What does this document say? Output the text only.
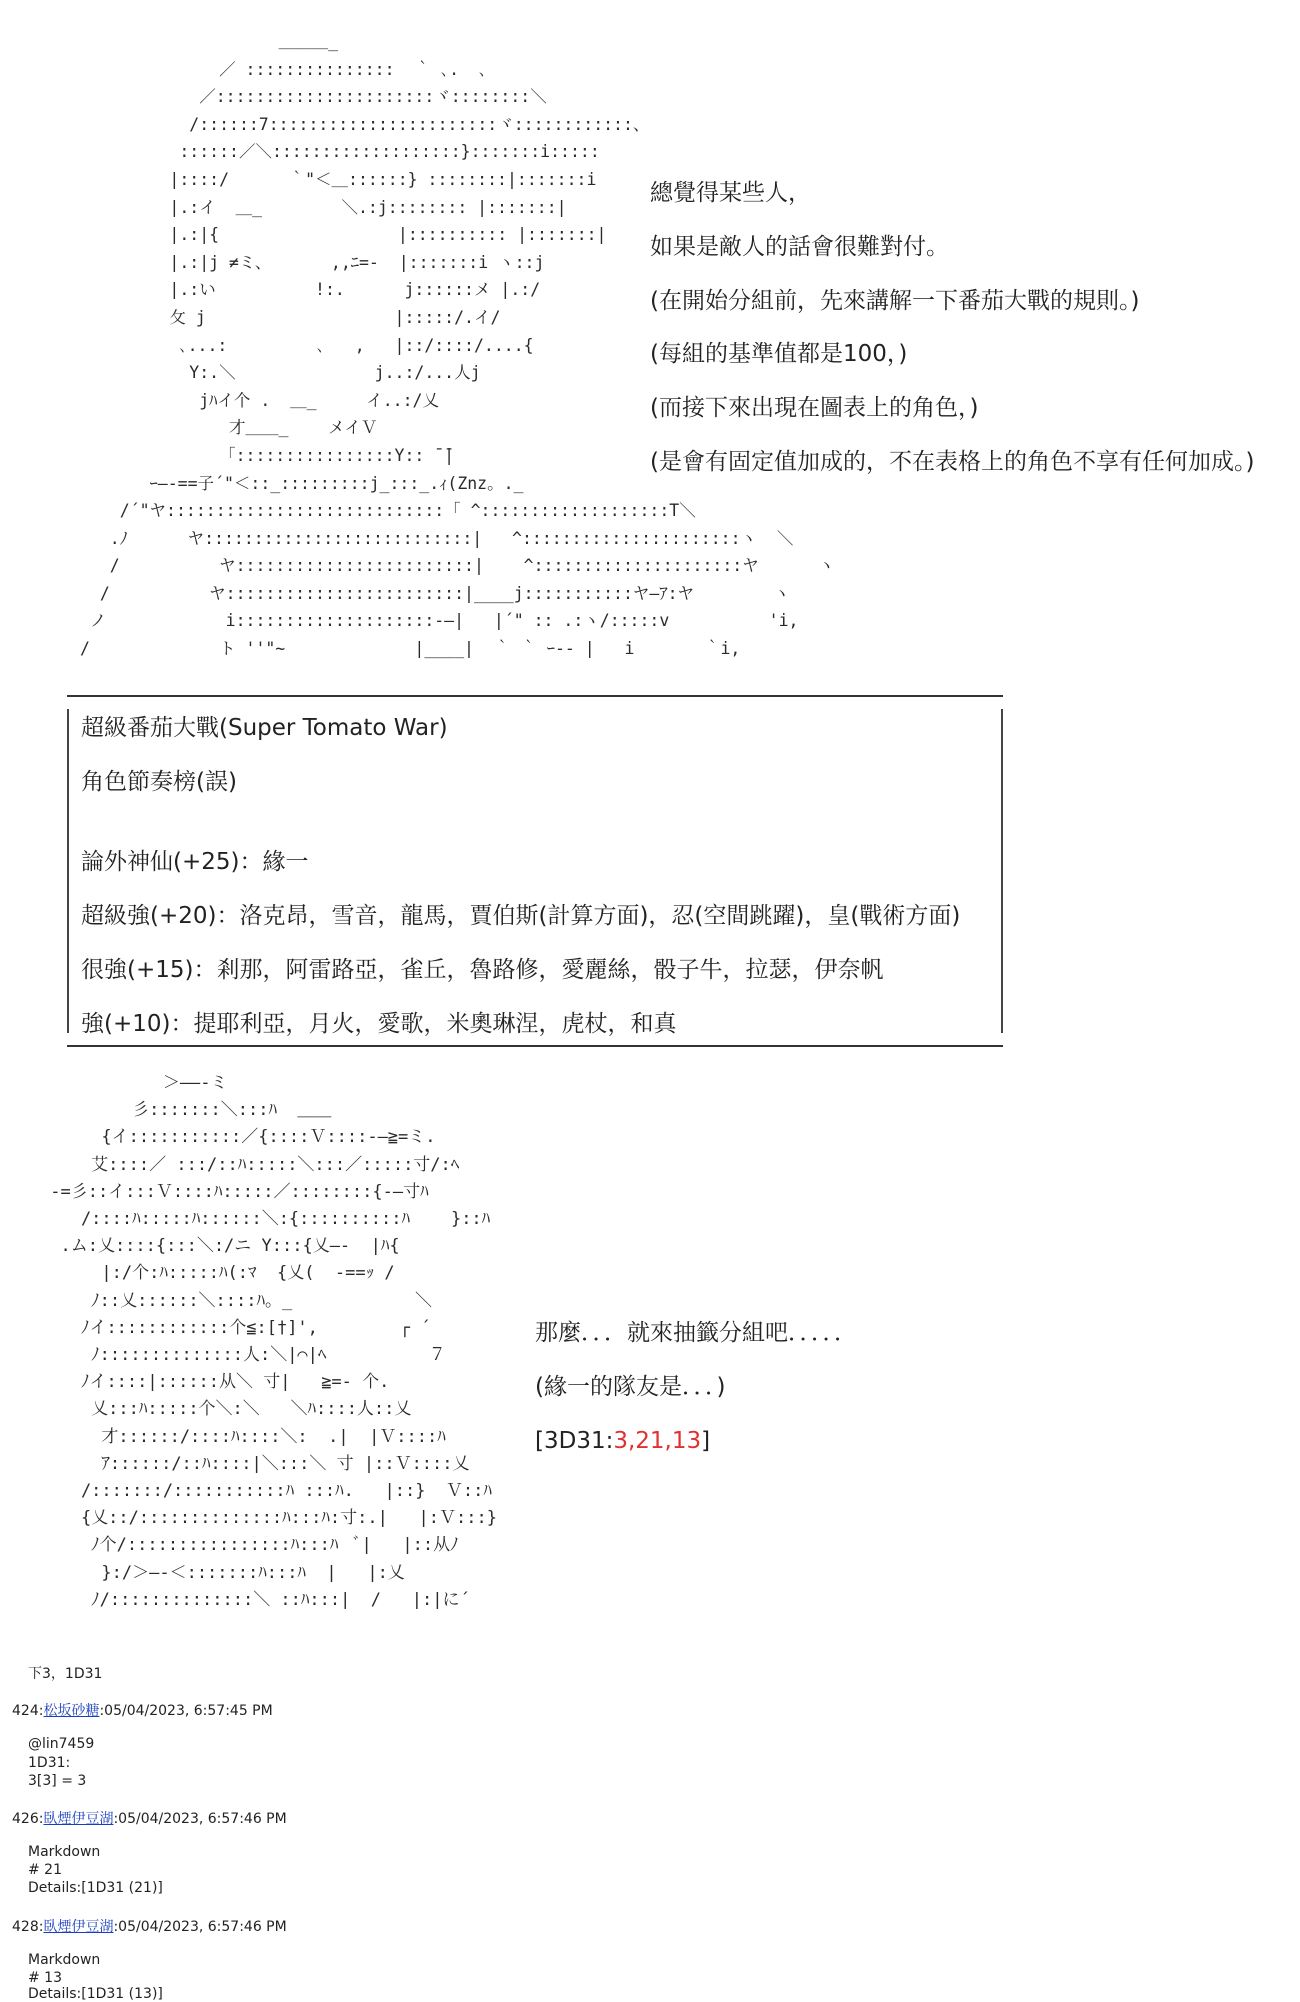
＿＿＿_
／ :::::::::::::::  ｀ ､.  ､
／::::::::::::::::::::::ヾ::::::::＼
/::::::7:::::::::::::::::::::::ヾ::::::::::::、
::::::／＼:::::::::::::::::::}:::::::i:::::
|::::/      ｀"＜＿::::::} ::::::::|:::::::i
|.:イ  ＿_        ＼.:j:::::::: |:::::::|
|.:|{                  |:::::::::: |:::::::|
|.:|j ≠ミ、      ,,ﾆ=-  |:::::::i ヽ::j
|.:い          !:.      j::::::メ |.:/
攵 j                   |:::::/.イ/
､...:         ､   ,   |::/::::/....{
Y:.＼              j..:/...人j
jﾊイ个 .  ＿_     イ..:/乂
才＿＿_    メイＶ
「::::::::::::::::Y:: ̄ ̄|
ｰ―‐==子´"＜::_:::::::::j_:::_.ｨ(Znz。._
/´"ヤ::::::::::::::::::::::::::::「 ^:::::::::::::::::::T＼
.ﾉ      ヤ:::::::::::::::::::::::::::|   ^::::::::::::::::::::::ヽ  ＼
/          ヤ::::::::::::::::::::::::|    ^:::::::::::::::::::::ヤ      ヽ
/          ヤ::::::::::::::::::::::::|____j:::::::::::ヤ―ｱ:ヤ        ヽ
ノ            i::::::::::::::::::::-―|   |´" :: .:ヽ/:::::v          'i,
/             ト ''"~             |____|  ｀ ｀ ｰ-- |   i       ｀i,
總覺得某些人，
如果是敵人的話會很難對付。
(在開始分組前，先來講解一下番茄大戰的規則。)
(每組的基準值都是100，)
(而接下來出現在圖表上的角色，)
(是會有固定值加成的，不在表格上的角色不享有任何加成。)
超級番茄大戰(Super Tomato War)
角色節奏榜(誤)
論外神仙(+25)：緣一
超級強(+20)：洛克昂，雪音，龍馬，賈伯斯(計算方面)，忍(空間跳躍)，皇(戰術方面)
很強(+15)：剎那，阿雷路亞，雀丘，魯路修，愛麗絲，骰子牛，拉瑟，伊奈帆
強(+10)：提耶利亞，月火，愛歌，米奧琳涅，虎杖，和真
＞――-ミ
彡:::::::＼:::ﾊ  ＿＿
{イ:::::::::::／{::::Ｖ::::-―≧=ミ.
艾::::／ :::/::ﾊ:::::＼:::／:::::寸/:ﾍ
-=彡::イ:::Ｖ::::ﾊ:::::／::::::::{-―寸ﾊ
/::::ﾊ:::::ﾊ::::::＼:{::::::::::ﾊ    }::ﾊ
.ム:乂::::{:::＼:/ニ Y:::{乂―-  |ﾊ{
|:/个:ﾊ:::::ﾊ(:ﾏ  {乂(  -==ｯ /
ﾉ::乂::::::＼::::ﾊ。_            ＼
ﾉイ::::::::::::个≦:[†]',        ┌ ´
ﾉ::::::::::::::人:＼|⌒|ﾍ          ７
ﾉイ::::|::::::从＼ 寸|   ≧=- 个.
乂:::ﾊ:::::个＼:＼   ＼ﾊ::::人::乂
才::::::/::::ﾊ::::＼:  .|  |Ｖ::::ﾊ
ｱ::::::/::ﾊ::::|＼:::＼ 寸 |::Ｖ::::乂
/:::::::/:::::::::::ﾊ :::ﾊ.   |::}  Ｖ::ﾊ
{乂::/::::::::::::::ﾊ:::ﾊ:寸:.|   |:Ｖ:::}
ﾉ个/::::::::::::::::ﾊ:::ﾊ  ﾞ|   |::从ﾉ
}:/＞―‐＜:::::::ﾊ:::ﾊ  |   |:乂
ﾉ/::::::::::::::＼ ::ﾊ:::|  /   |:|に´
那麼．．．就來抽籤分組吧．．．．．
(緣一的隊友是．．．)
[3D31:3,21,13]
下3，1D31
424:松坂砂糖:05/04/2023, 6:57:45 PM
@lin7459
1D31:
3[3] = 3
426:臥煙伊豆湖:05/04/2023, 6:57:46 PM
Markdown
# 21
Details:[1D31 (21)]
428:臥煙伊豆湖:05/04/2023, 6:57:46 PM
Markdown
# 13
Details:[1D31 (13)]
